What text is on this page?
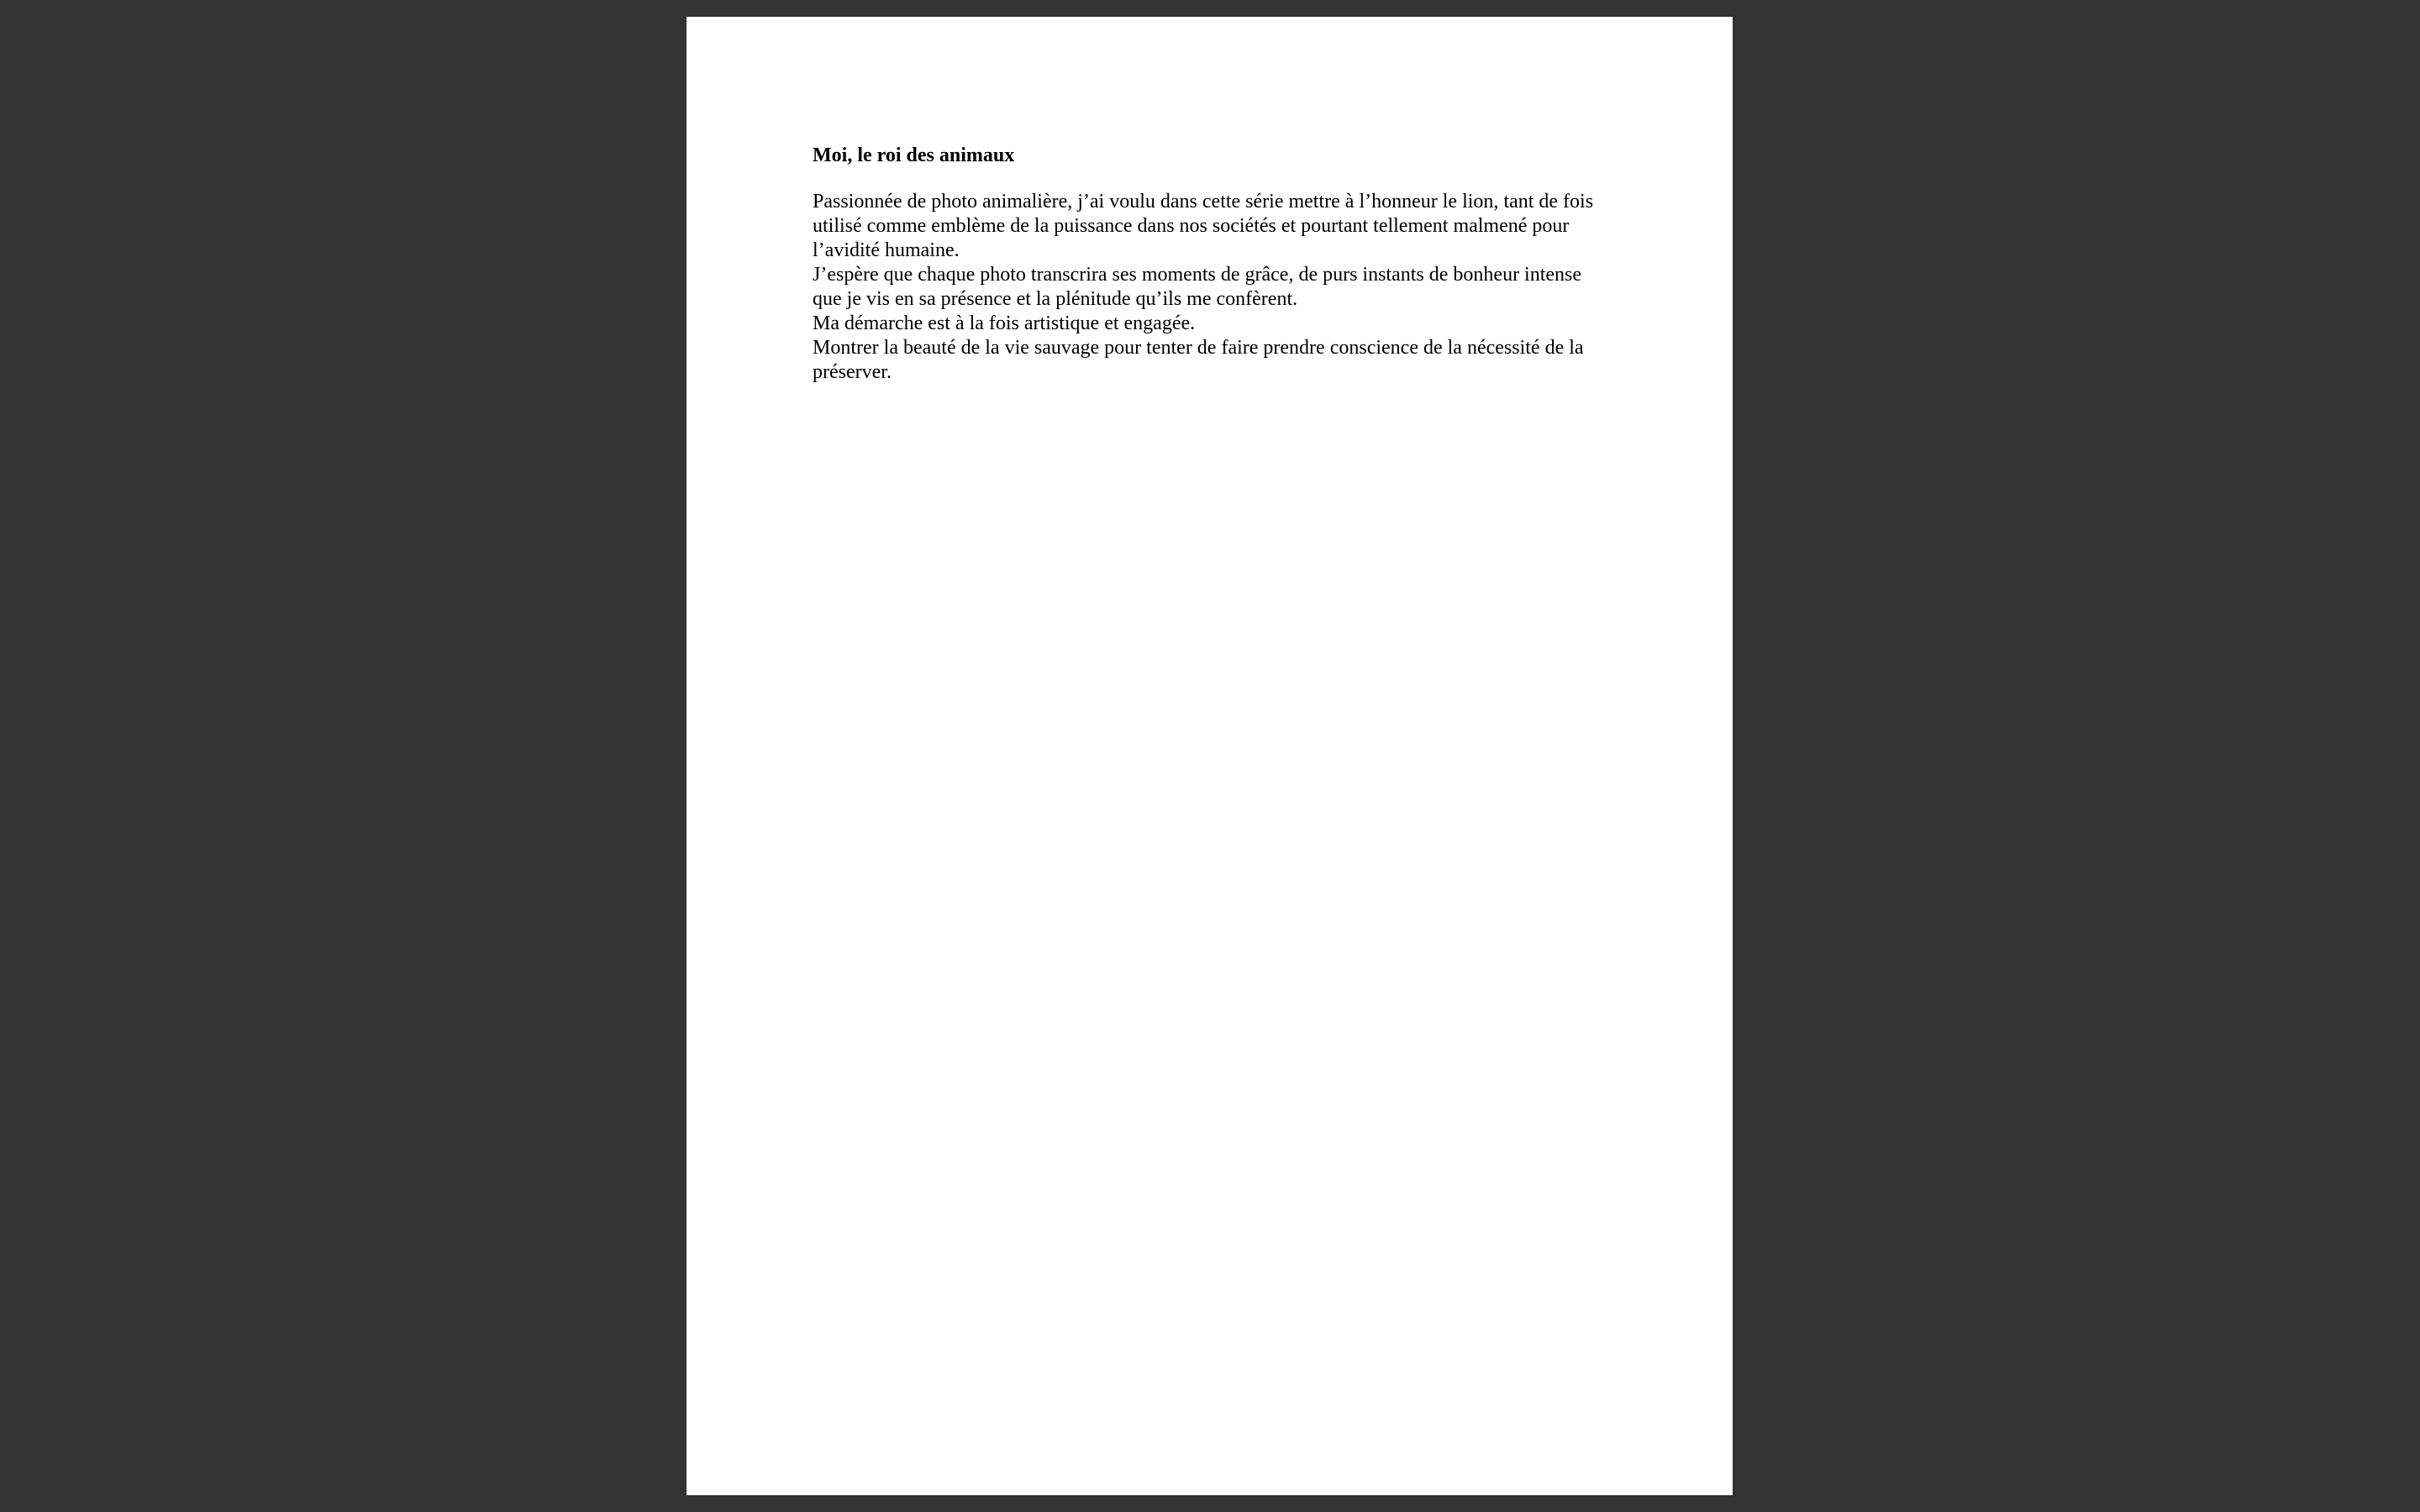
Moi, le roi des animaux

Passionnée de photo animalière, j’ai voulu dans cette série mettre à l’honneur le lion, tant de fois utilisé comme emblème de la puissance dans nos sociétés et pourtant tellement malmené pour l’avidité humaine.

J’espère que chaque photo transcrira ses moments de grâce, de purs instants de bonheur intense que je vis en sa présence et la plénitude qu’ils me confèrent.

Ma démarche est à la fois artistique et engagée.

Montrer la beauté de la vie sauvage pour tenter de faire prendre conscience de la nécessité de la préserver.
